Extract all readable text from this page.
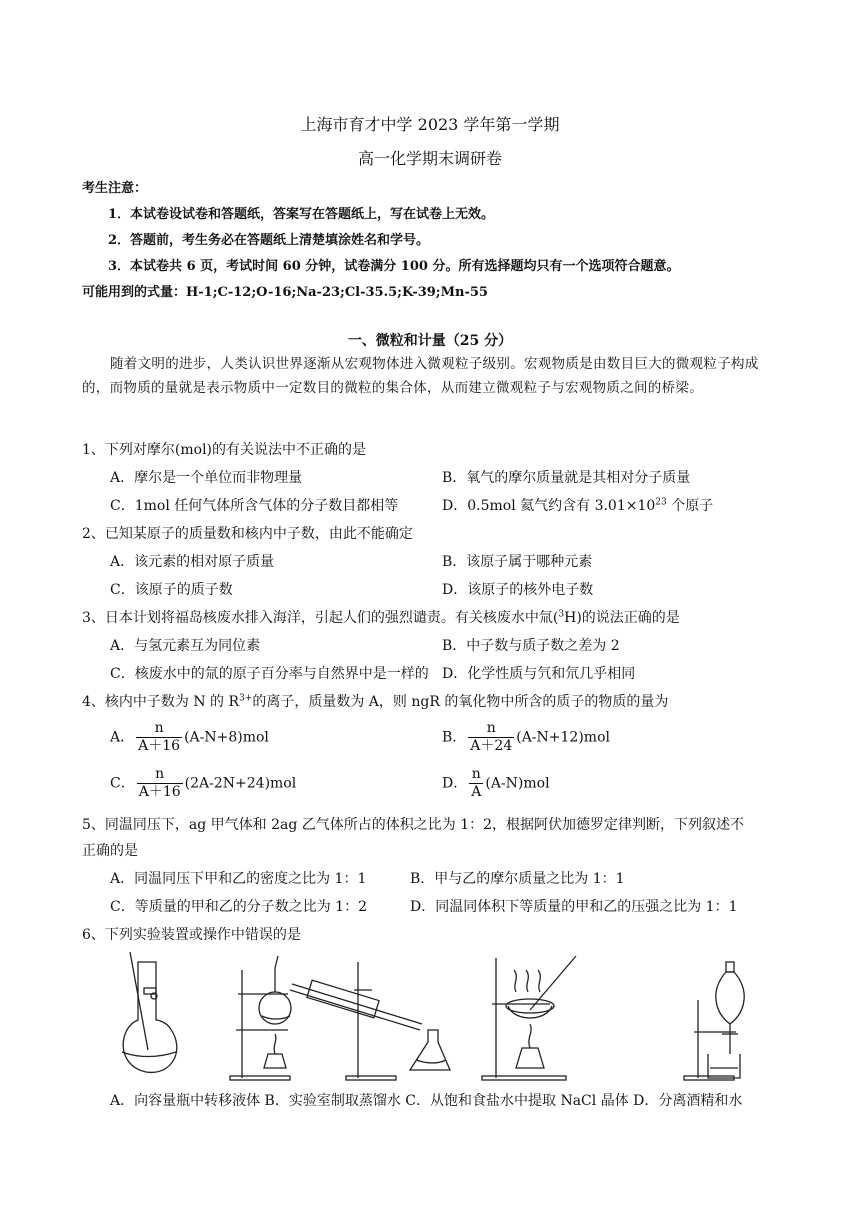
上海市育才中学 2023 学年第一学期
高一化学期末调研卷
考生注意：
1．本试卷设试卷和答题纸，答案写在答题纸上，写在试卷上无效。
2．答题前，考生务必在答题纸上清楚填涂姓名和学号。
3．本试卷共 6 页，考试时间 60 分钟，试卷满分 100 分。所有选择题均只有一个选项符合题意。
可能用到的式量：H-1;C-12;O-16;Na-23;Cl-35.5;K-39;Mn-55
一、微粒和计量（25 分）
随着文明的进步，人类认识世界逐渐从宏观物体进入微观粒子级别。宏观物质是由数目巨大的微观粒子构成的，而物质的量就是表示物质中一定数目的微粒的集合体，从而建立微观粒子与宏观物质之间的桥梁。
1、下列对摩尔(mol)的有关说法中不正确的是
A．摩尔是一个单位而非物理量	B．氧气的摩尔质量就是其相对分子质量
C．1mol 任何气体所含气体的分子数目都相等	D．0.5mol 氦气约含有 $3.01\times 10^{23}$ 个原子
2、已知某原子的质量数和核内中子数，由此不能确定
A．该元素的相对原子质量	B．该原子属于哪种元素
C．该原子的质子数	D．该原子的核外电子数
3、日本计划将福岛核废水排入海洋，引起人们的强烈谴责。有关核废水中氚($^3$H)的说法正确的是
A．与氢元素互为同位素	B．中子数与质子数之差为 2
C．核废水中的氚的原子百分率与自然界中是一样的 D．化学性质与氕和氘几乎相同
4、核内中子数为 N 的 $R^{3+}$的离子，质量数为 A，则 ngR 的氧化物中所含的质子的物质的量为
A． $\frac{n}{A+16} (A-N+8)mol$	B． $\frac{n}{A+24} (A-N+12)mol$
C． $\frac{n}{A+16} (2A-2N+24)mol$	D． $\frac{n}{A} (A-N)mol$
5、同温同压下，ag 甲气体和 2ag 乙气体所占的体积之比为 1：2，根据阿伏加德罗定律判断，下列叙述不
正确的是
A．同温同压下甲和乙的密度之比为 1：1	B．甲与乙的摩尔质量之比为 1：1
C．等质量的甲和乙的分子数之比为 1：2	D．同温同体积下等质量的甲和乙的压强之比为 1：1
6、下列实验装置或操作中错误的是
A．向容量瓶中转移液体 B．实验室制取蒸馏水 C．从饱和食盐水中提取 NaCl 晶体 D．分离酒精和水
